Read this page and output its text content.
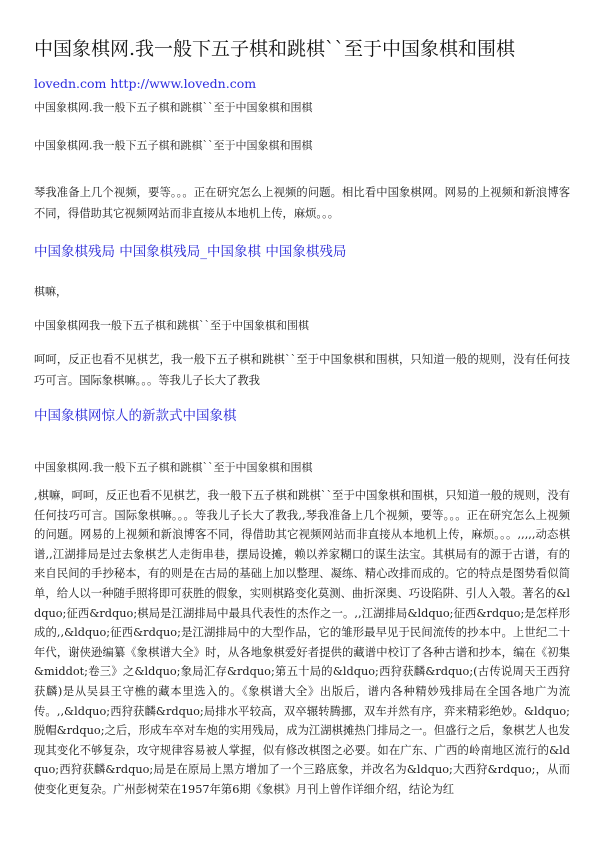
中国象棋网.我一般下五子棋和跳棋``至于中国象棋和围棋
lovedn.com http://www.lovedn.com
中国象棋网.我一般下五子棋和跳棋``至于中国象棋和围棋
中国象棋网.我一般下五子棋和跳棋``至于中国象棋和围棋
琴我准备上几个视频，要等。。。正在研究怎么上视频的问题。相比看中国象棋网。网易的上视频和新浪博客不同，得借助其它视频网站而非直接从本地机上传，麻烦。。。
中国象棋残局 中国象棋残局_中国象棋 中国象棋残局
棋嘛，
中国象棋网我一般下五子棋和跳棋``至于中国象棋和围棋
呵呵，反正也看不见棋艺，我一般下五子棋和跳棋``至于中国象棋和围棋，只知道一般的规则，没有任何技巧可言。国际象棋嘛。。。等我儿子长大了教我
中国象棋网惊人的新款式中国象棋
中国象棋网.我一般下五子棋和跳棋``至于中国象棋和围棋
,棋嘛，呵呵，反正也看不见棋艺，我一般下五子棋和跳棋``至于中国象棋和围棋，只知道一般的规则，没有任何技巧可言。国际象棋嘛。。。等我儿子长大了教我,,琴我准备上几个视频，要等。。。正在研究怎么上视频的问题。网易的上视频和新浪博客不同，得借助其它视频网站而非直接从本地机上传，麻烦。。。,,,,,动态棋谱,,江湖排局是过去象棋艺人走街串巷，摆局设摊，赖以养家糊口的谋生法宝。其棋局有的源于古谱，有的来自民间的手抄秘本，有的则是在古局的基础上加以整理、凝练、精心改排而成的。它的特点是图势看似简单，给人以一种随手照将即可获胜的假象，实则棋路变化莫测、曲折深奥、巧设陷阱、引人入彀。著名的&ldquo;征西&rdquo;棋局是江湖排局中最具代表性的杰作之一。,,江湖排局&ldquo;征西&rdquo;是怎样形成的,,&ldquo;征西&rdquo;是江湖排局中的大型作品，它的雏形最早见于民间流传的抄本中。上世纪二十年代，谢侠逊编纂《象棋谱大全》时，从各地象棋爱好者提供的藏谱中校订了各种古谱和抄本，编在《初集&middot;卷三》之&ldquo;象局汇存&rdquo;第五十局的&ldquo;西狩获麟&rdquo;(古传说周天王西狩获麟)是从吴县王守樵的藏本里选入的。《象棋谱大全》出版后，谱内各种精妙残排局在全国各地广为流传。,,&ldquo;西狩获麟&rdquo;局排水平较高，双卒辗转腾挪，双车并然有序，弈来精彩绝妙。&ldquo;脱帽&rdquo;之后，形成车卒对车炮的实用残局，成为江湖棋摊热门排局之一。但盛行之后，象棋艺人也发现其变化不够复杂，攻守规律容易被人掌握，似有修改棋图之必要。如在广东、广西的岭南地区流行的&ldquo;西狩获麟&rdquo;局是在原局上黑方增加了一个三路底象，并改名为&ldquo;大西狩&rdquo;，从而使变化更复杂。广州彭树荣在1957年第6期《象棋》月刊上曾作详细介绍，结论为红
